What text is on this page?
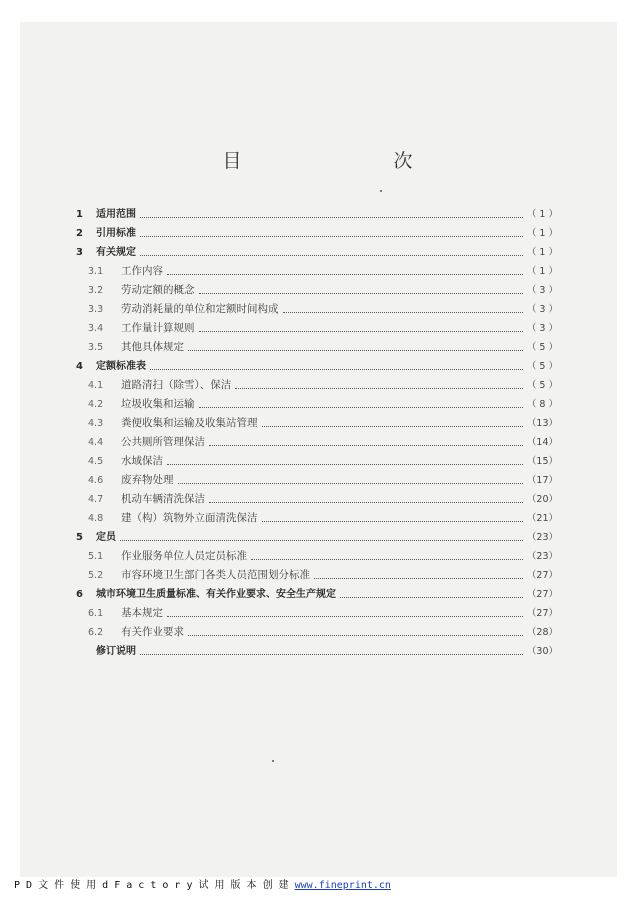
目　　次
1	适用范围	（ 1 ）
2	引用标准	（ 1 ）
3	有关规定	（ 1 ）
3.1	工作内容	（ 1 ）
3.2	劳动定额的概念	（ 3 ）
3.3	劳动消耗量的单位和定额时间构成	（ 3 ）
3.4	工作量计算规则	（ 3 ）
3.5	其他具体规定	（ 5 ）
4	定额标准表	（ 5 ）
4.1	道路清扫（除雪）、保洁	（ 5 ）
4.2	垃圾收集和运输	（ 8 ）
4.3	粪便收集和运输及收集站管理	（13）
4.4	公共厕所管理保洁	（14）
4.5	水域保洁	（15）
4.6	废弃物处理	（17）
4.7	机动车辆清洗保洁	（20）
4.8	建（构）筑物外立面清洗保洁	（21）
5	定员	（23）
5.1	作业服务单位人员定员标准	（23）
5.2	市容环境卫生部门各类人员范围划分标准	（27）
6	城市环境卫生质量标准、有关作业要求、安全生产规定	（27）
6.1	基本规定	（27）
6.2	有关作业要求	（28）
修订说明	（30）
P D 文 件 使 用 d F a c t o r y 试 用 版 本 创 建 www.fineprint.cn
